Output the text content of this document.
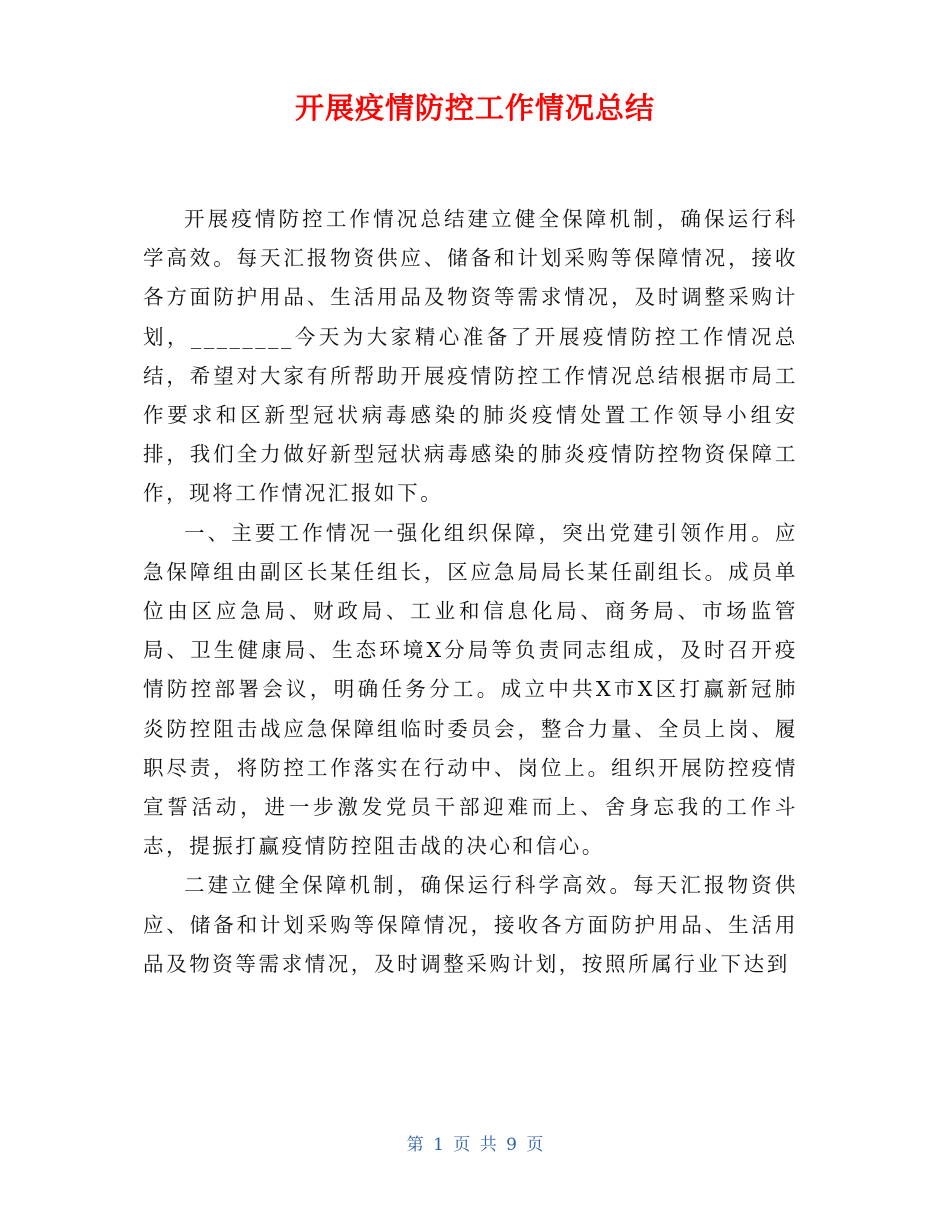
开展疫情防控工作情况总结

开展疫情防控工作情况总结建立健全保障机制，确保运行科学高效。每天汇报物资供应、储备和计划采购等保障情况，接收各方面防护用品、生活用品及物资等需求情况，及时调整采购计划，________今天为大家精心准备了开展疫情防控工作情况总结，希望对大家有所帮助开展疫情防控工作情况总结根据市局工作要求和区新型冠状病毒感染的肺炎疫情处置工作领导小组安排，我们全力做好新型冠状病毒感染的肺炎疫情防控物资保障工作，现将工作情况汇报如下。

一、主要工作情况一强化组织保障，突出党建引领作用。应急保障组由副区长某任组长，区应急局局长某任副组长。成员单位由区应急局、财政局、工业和信息化局、商务局、市场监管局、卫生健康局、生态环境X分局等负责同志组成，及时召开疫情防控部署会议，明确任务分工。成立中共X市X区打赢新冠肺炎防控阻击战应急保障组临时委员会，整合力量、全员上岗、履职尽责，将防控工作落实在行动中、岗位上。组织开展防控疫情宣誓活动，进一步激发党员干部迎难而上、舍身忘我的工作斗志，提振打赢疫情防控阻击战的决心和信心。

二建立健全保障机制，确保运行科学高效。每天汇报物资供应、储备和计划采购等保障情况，接收各方面防护用品、生活用品及物资等需求情况，及时调整采购计划，按照所属行业下达到

第 1 页 共 9 页
